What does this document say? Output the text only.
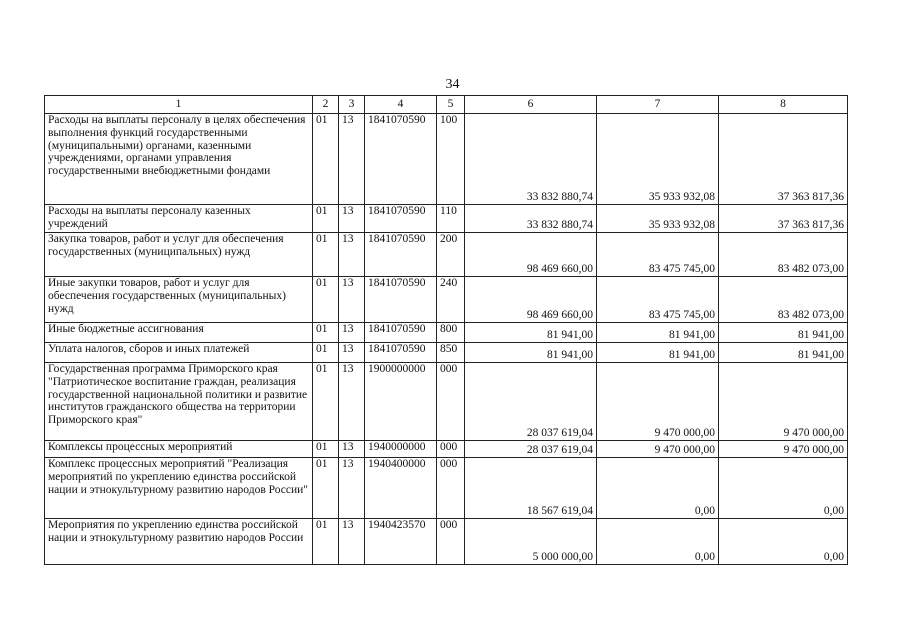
34
1	2	3	4	5	6	7	8
Расходы на выплаты персоналу в целях обеспечения выполнения функций государственными (муниципальными) органами, казенными учреждениями, органами управления государственными внебюджетными фондами	01	13	1841070590	100	33 832 880,74	35 933 932,08	37 363 817,36
Расходы на выплаты персоналу казенных учреждений	01	13	1841070590	110	33 832 880,74	35 933 932,08	37 363 817,36
Закупка товаров, работ и услуг для обеспечения государственных (муниципальных) нужд	01	13	1841070590	200	98 469 660,00	83 475 745,00	83 482 073,00
Иные закупки товаров, работ и услуг для обеспечения государственных (муниципальных) нужд	01	13	1841070590	240	98 469 660,00	83 475 745,00	83 482 073,00
Иные бюджетные ассигнования	01	13	1841070590	800	81 941,00	81 941,00	81 941,00
Уплата налогов, сборов и иных платежей	01	13	1841070590	850	81 941,00	81 941,00	81 941,00
Государственная программа Приморского края "Патриотическое воспитание граждан, реализация государственной национальной политики и развитие институтов гражданского общества на территории Приморского края"	01	13	1900000000	000	28 037 619,04	9 470 000,00	9 470 000,00
Комплексы процессных мероприятий	01	13	1940000000	000	28 037 619,04	9 470 000,00	9 470 000,00
Комплекс процессных мероприятий "Реализация мероприятий по укреплению единства российской нации и этнокультурному развитию народов России"	01	13	1940400000	000	18 567 619,04	0,00	0,00
Мероприятия по укреплению единства российской нации и этнокультурному развитию народов России	01	13	1940423570	000	5 000 000,00	0,00	0,00
